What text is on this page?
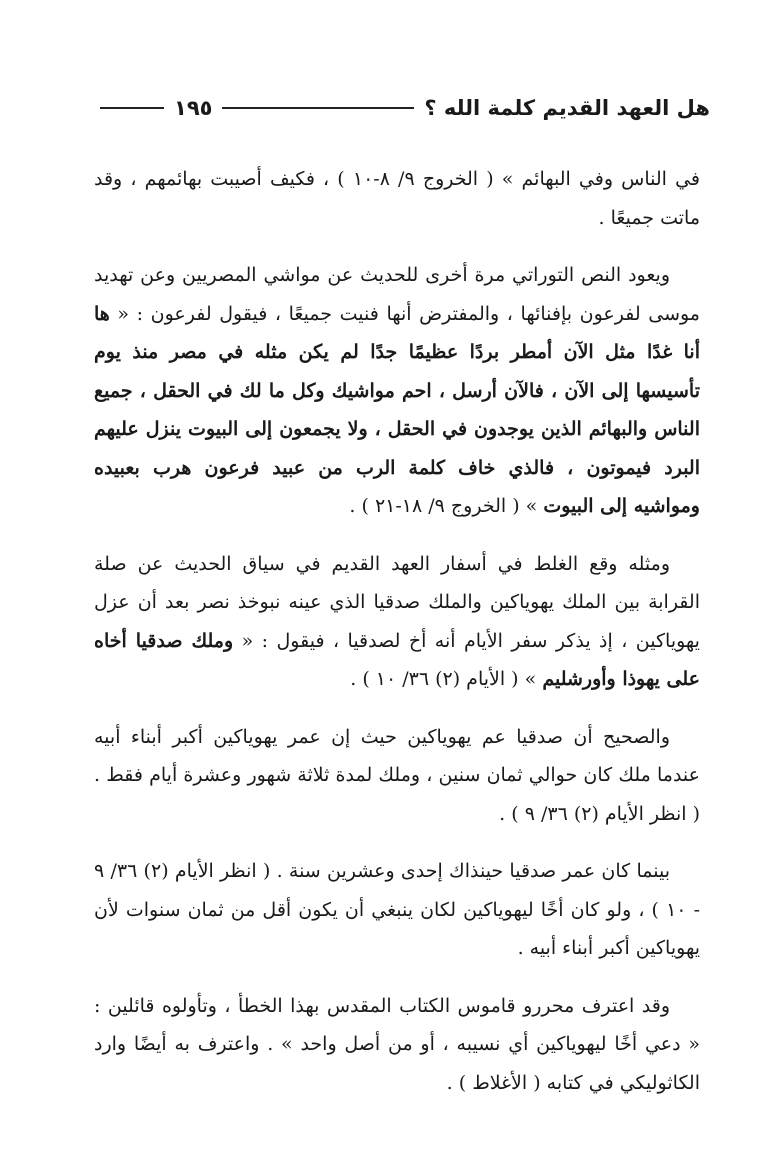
هل العهد القديم كلمة الله ؟
١٩٥

في الناس وفي البهائم » ( الخروج ٩/ ٨-١٠ ) ، فكيف أصيبت بهائمهم ، وقد ماتت جميعًا .

ويعود النص التوراتي مرة أخرى للحديث عن مواشي المصريين وعن تهديد موسى لفرعون بإفنائها ، والمفترض أنها فنيت جميعًا ، فيقول لفرعون : « ها أنا غدًا مثل الآن أمطر بردًا عظيمًا جدًا لم يكن مثله في مصر منذ يوم تأسيسها إلى الآن ، فالآن أرسل ، احم مواشيك وكل ما لك في الحقل ، جميع الناس والبهائم الذين يوجدون في الحقل ، ولا يجمعون إلى البيوت ينزل عليهم البرد فيموتون ، فالذي خاف كلمة الرب من عبيد فرعون هرب بعبيده ومواشيه إلى البيوت » ( الخروج ٩/ ١٨-٢١ ) .

ومثله وقع الغلط في أسفار العهد القديم في سياق الحديث عن صلة القرابة بين الملك يهوياكين والملك صدقيا الذي عينه نبوخذ نصر بعد أن عزل يهوياكين ، إذ يذكر سفر الأيام أنه أخ لصدقيا ، فيقول : « وملك صدقيا أخاه على يهوذا وأورشليم » ( الأيام (٢) ٣٦/ ١٠ ) .

والصحيح أن صدقيا عم يهوياكين حيث إن عمر يهوياكين أكبر أبناء أبيه عندما ملك كان حوالي ثمان سنين ، وملك لمدة ثلاثة شهور وعشرة أيام فقط . ( انظر الأيام (٢) ٣٦/ ٩ ) .

بينما كان عمر صدقيا حينذاك إحدى وعشرين سنة . ( انظر الأيام (٢) ٣٦/ ٩ - ١٠ ) ، ولو كان أخًا ليهوياكين لكان ينبغي أن يكون أقل من ثمان سنوات لأن يهوياكين أكبر أبناء أبيه .

وقد اعترف محررو قاموس الكتاب المقدس بهذا الخطأ ، وتأولوه قائلين : « دعي أخًا ليهوياكين أي نسيبه ، أو من أصل واحد » . واعترف به أيضًا وارد الكاثوليكي في كتابه ( الأغلاط ) .
